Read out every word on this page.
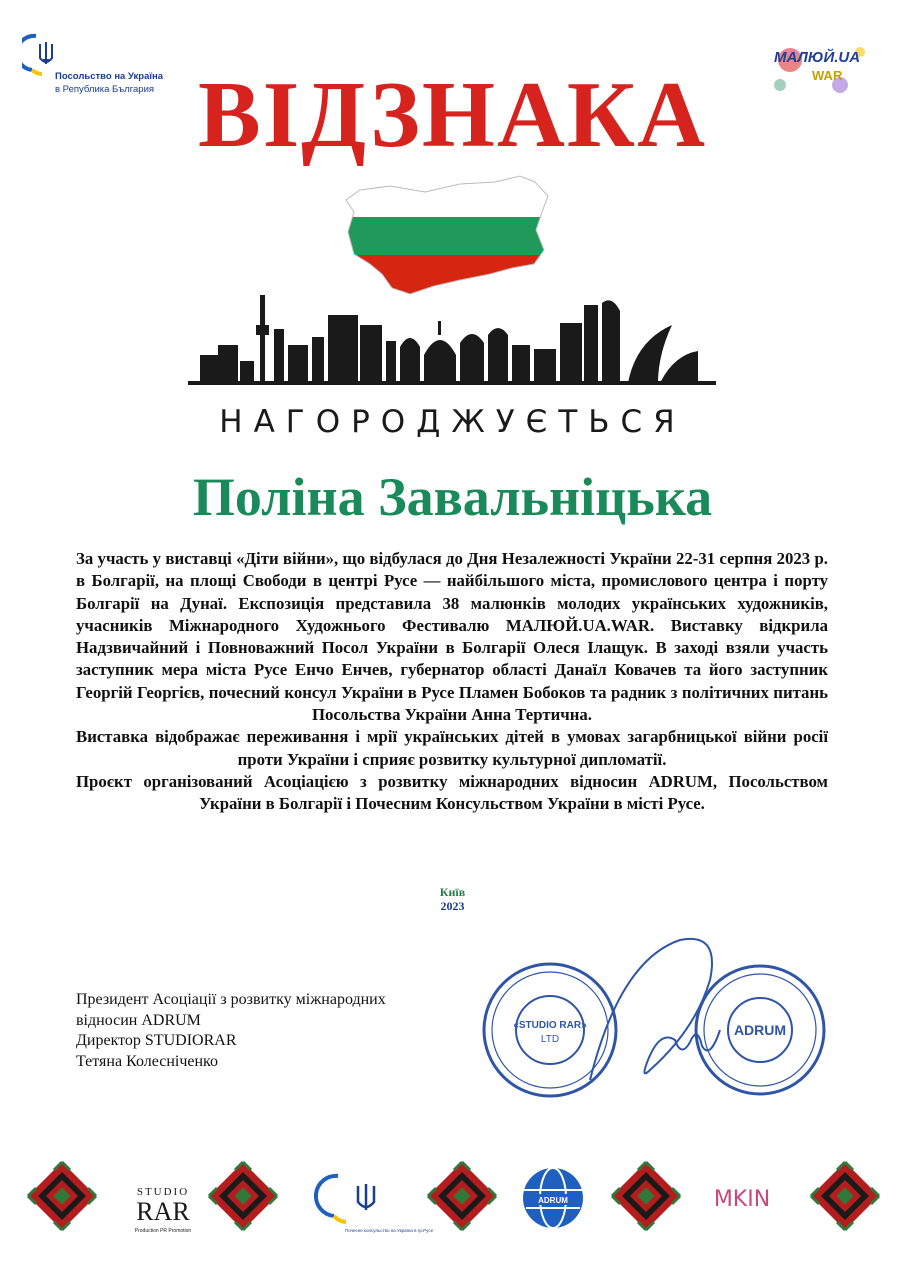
Посольство на Україна
в Република България
МАЛЮЙ.UA
WAR
ВІДЗНАКА
НАГОРОДЖУЄТЬСЯ
Поліна Завальніцька

За участь у виставці «Діти війни», що відбулася до Дня Незалежності України 22-31 серпня 2023 р. в Болгарії, на площі Свободи в центрі Русе — найбільшого міста, промислового центра і порту Болгарії на Дунаї. Експозиція представила 38 малюнків молодих українських художників, учасників Міжнародного Художнього Фестивалю МАЛЮЙ.UA.WAR. Виставку відкрила Надзвичайний і Повноважний Посол України в Болгарії Олеся Ілащук. В заході взяли участь заступник мера міста Русе Енчо Енчев, губернатор області Данаїл Ковачев та його заступник Георгій Георгієв, почесний консул України в Русе Пламен Бобоков та радник з політичних питань Посольства України Анна Тертична.

Виставка відображає переживання і мрії українських дітей в умовах загарбницької війни росії проти України і сприяє розвитку культурної дипломатії.

Проєкт організований Асоціацією з розвитку міжнародних відносин ADRUM, Посольством України в Болгарії і Почесним Консульством України в місті Русе.

Київ
2023
Президент Асоціації з розвитку міжнародних
відносин ADRUM
Директор STUDIORAR
Тетяна Колесніченко
«STUDIO RAR»
LTD
ADRUM
STUDIO
RAR
Production PR Promotion	Почесне консульство на Україна в гр.Русе
ADRUM	MKIN
